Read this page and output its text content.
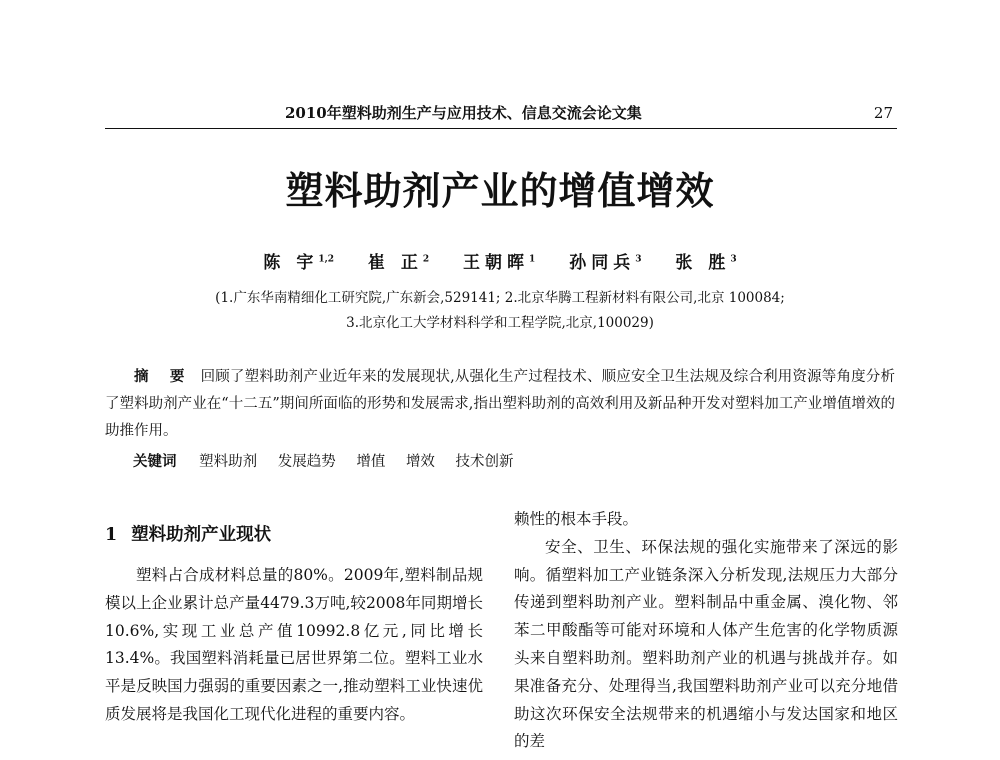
2010年塑料助剂生产与应用技术、信息交流会论文集	27
塑料助剂产业的增值增效
陈 宇$^{1,2}$ 崔 正$^2$ 王朝晖$^1$ 孙同兵$^3$ 张 胜$^3$
(1.广东华南精细化工研究院,广东新会,529141; 2.北京华腾工程新材料有限公司,北京 100084;
3.北京化工大学材料科学和工程学院,北京,100029)

摘 要 回顾了塑料助剂产业近年来的发展现状,从强化生产过程技术、顺应安全卫生法规及综合利用资源等角度分析了塑料助剂产业在“十二五”期间所面临的形势和发展需求,指出塑料助剂的高效利用及新品种开发对塑料加工产业增值增效的助推作用。

关键词 塑料助剂 发展趋势 增值 增效 技术创新
1 塑料助剂产业现状

塑料占合成材料总量的80%。2009年,塑料制品规模以上企业累计总产量4479.3万吨,较2008年同期增长10.6%,实现工业总产值10992.8亿元,同比增长13.4%。我国塑料消耗量已居世界第二位。塑料工业水平是反映国力强弱的重要因素之一,推动塑料工业快速优质发展将是我国化工现代化进程的重要内容。

赖性的根本手段。

安全、卫生、环保法规的强化实施带来了深远的影响。循塑料加工产业链条深入分析发现,法规压力大部分传递到塑料助剂产业。塑料制品中重金属、溴化物、邻苯二甲酸酯等可能对环境和人体产生危害的化学物质源头来自塑料助剂。塑料助剂产业的机遇与挑战并存。如果准备充分、处理得当,我国塑料助剂产业可以充分地借助这次环保安全法规带来的机遇缩小与发达国家和地区的差
